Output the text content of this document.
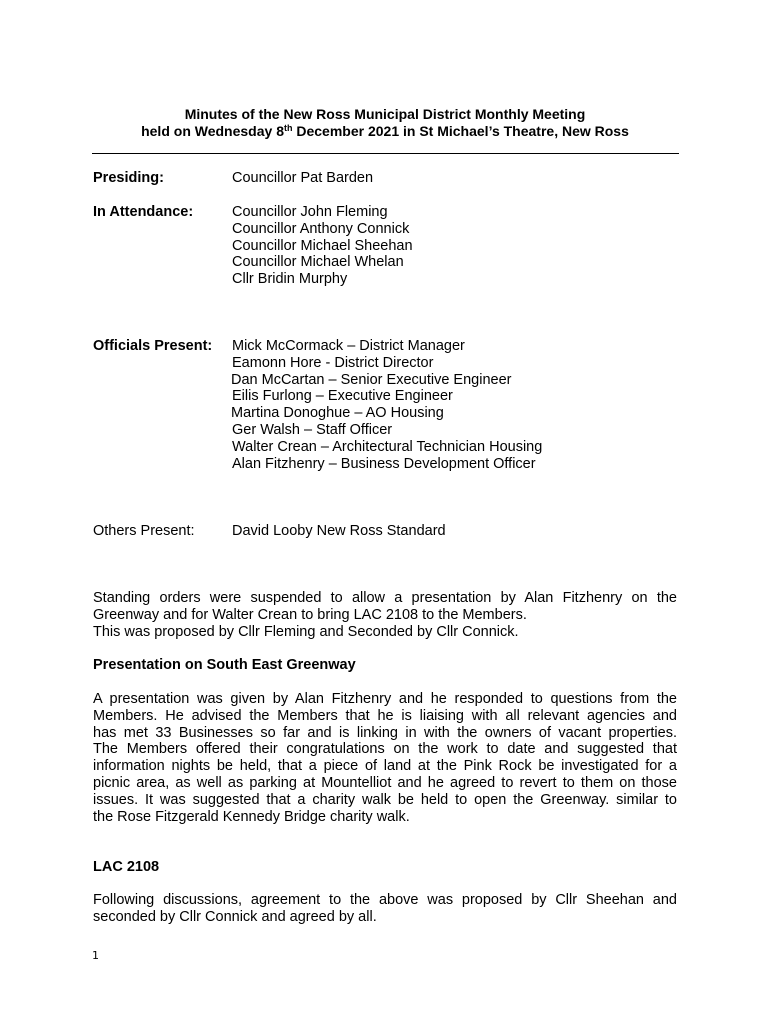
Minutes of the New Ross Municipal District Monthly Meeting
held on Wednesday 8th December 2021 in St Michael’s Theatre, New Ross
Presiding:	Councillor Pat Barden
In Attendance:	Councillor John Fleming
Councillor Anthony Connick
Councillor Michael Sheehan
Councillor Michael Whelan
Cllr Bridin Murphy
Officials Present: Mick McCormack – District Manager
Eamonn Hore - District Director
Dan McCartan – Senior Executive Engineer
Eilis Furlong – Executive Engineer
Martina Donoghue – AO Housing
Ger Walsh – Staff Officer
Walter Crean – Architectural Technician Housing
Alan Fitzhenry – Business Development Officer
Others Present:	David Looby New Ross Standard
Standing orders were suspended to allow a presentation by Alan Fitzhenry on the
Greenway and for Walter Crean to bring LAC 2108 to the Members.
This was proposed by Cllr Fleming and Seconded by Cllr Connick.
Presentation on South East Greenway
A presentation was given by Alan Fitzhenry and he responded to questions from the
Members. He advised the Members that he is liaising with all relevant agencies and
has met 33 Businesses so far and is linking in with the owners of vacant properties.
The Members offered their congratulations on the work to date and suggested that
information nights be held, that a piece of land at the Pink Rock be investigated for a
picnic area, as well as parking at Mountelliot and he agreed to revert to them on those
issues. It was suggested that a charity walk be held to open the Greenway. similar to
the Rose Fitzgerald Kennedy Bridge charity walk.
LAC 2108
Following discussions, agreement to the above was proposed by Cllr Sheehan and
seconded by Cllr Connick and agreed by all.
1
